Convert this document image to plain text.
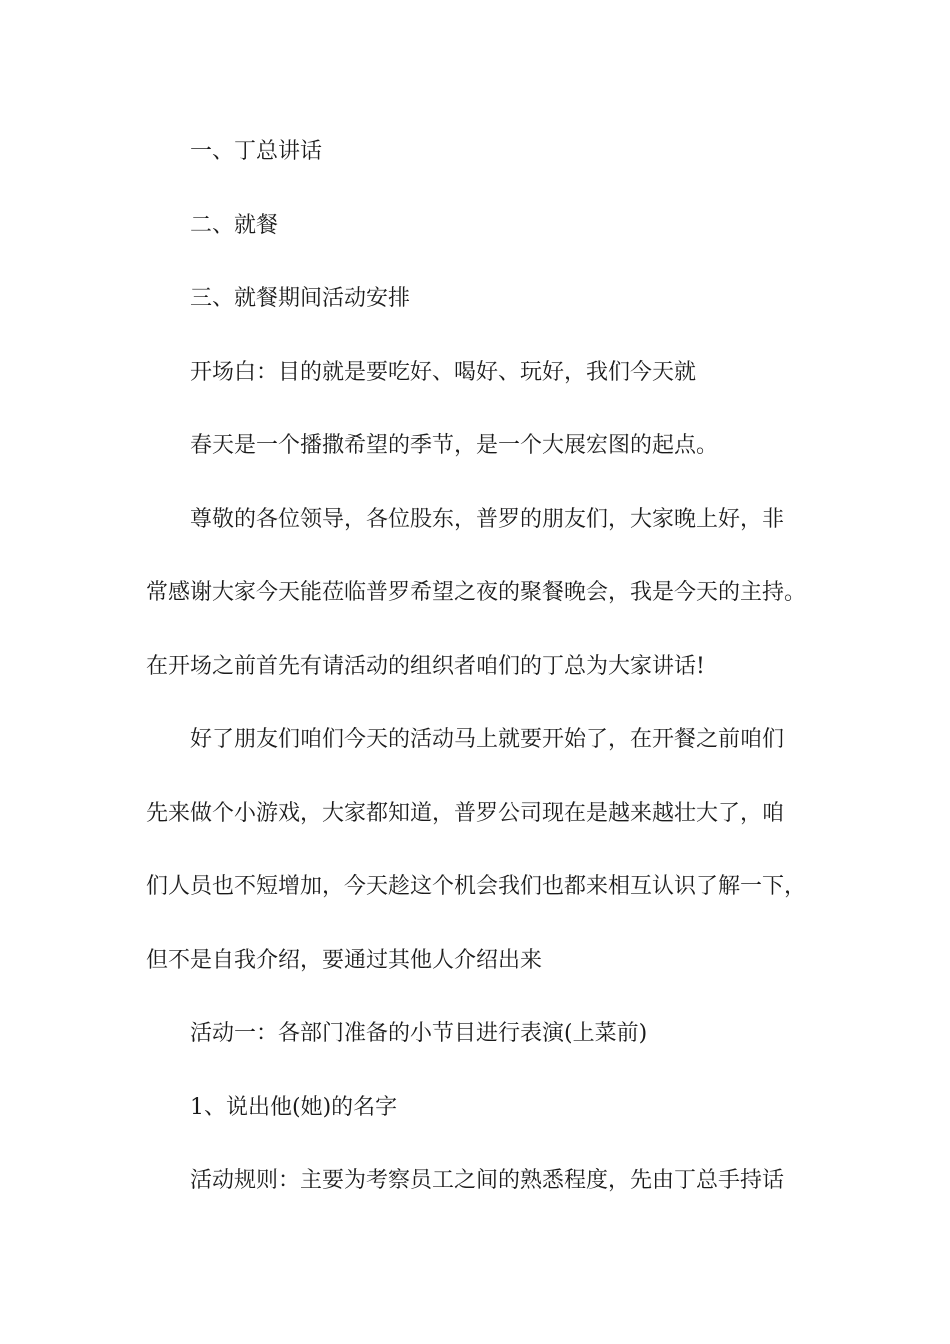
一、丁总讲话
二、就餐
三、就餐期间活动安排
开场白：目的就是要吃好、喝好、玩好，我们今天就
春天是一个播撒希望的季节，是一个大展宏图的起点。
尊敬的各位领导，各位股东，普罗的朋友们，大家晚上好，非
常感谢大家今天能莅临普罗希望之夜的聚餐晚会，我是今天的主持。
在开场之前首先有请活动的组织者咱们的丁总为大家讲话!
好了朋友们咱们今天的活动马上就要开始了，在开餐之前咱们
先来做个小游戏，大家都知道，普罗公司现在是越来越壮大了，咱
们人员也不短增加，今天趁这个机会我们也都来相互认识了解一下，
但不是自我介绍，要通过其他人介绍出来
活动一：各部门准备的小节目进行表演(上菜前)
1、说出他(她)的名字
活动规则：主要为考察员工之间的熟悉程度，先由丁总手持话
